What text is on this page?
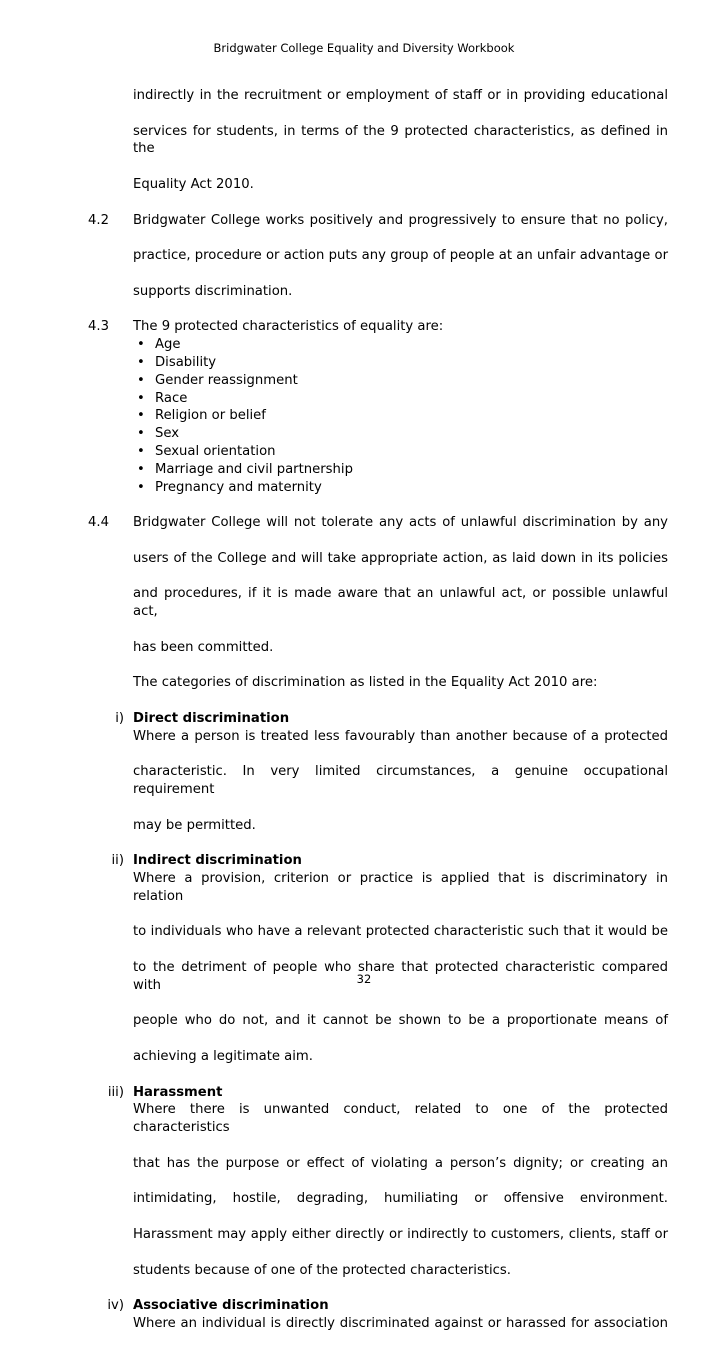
Bridgwater College Equality and Diversity Workbook
indirectly in the recruitment or employment of staff or in providing educational
services for students, in terms of the 9 protected characteristics, as defined in the
Equality Act 2010.
4.2 Bridgwater College works positively and progressively to ensure that no policy,
practice, procedure or action puts any group of people at an unfair advantage or
supports discrimination.
4.3 The 9 protected characteristics of equality are:
• Age
• Disability
• Gender reassignment
• Race
• Religion or belief
• Sex
• Sexual orientation
• Marriage and civil partnership
• Pregnancy and maternity
4.4 Bridgwater College will not tolerate any acts of unlawful discrimination by any
users of the College and will take appropriate action, as laid down in its policies
and procedures, if it is made aware that an unlawful act, or possible unlawful act,
has been committed.
The categories of discrimination as listed in the Equality Act 2010 are:
i) Direct discrimination
Where a person is treated less favourably than another because of a protected
characteristic. In very limited circumstances, a genuine occupational requirement
may be permitted.
ii) Indirect discrimination
Where a provision, criterion or practice is applied that is discriminatory in relation
to individuals who have a relevant protected characteristic such that it would be
to the detriment of people who share that protected characteristic compared with
people who do not, and it cannot be shown to be a proportionate means of
achieving a legitimate aim.
iii) Harassment
Where there is unwanted conduct, related to one of the protected characteristics
that has the purpose or effect of violating a person’s dignity; or creating an
intimidating, hostile, degrading, humiliating or offensive environment.
Harassment may apply either directly or indirectly to customers, clients, staff or
students because of one of the protected characteristics.
iv) Associative discrimination
Where an individual is directly discriminated against or harassed for association
32
